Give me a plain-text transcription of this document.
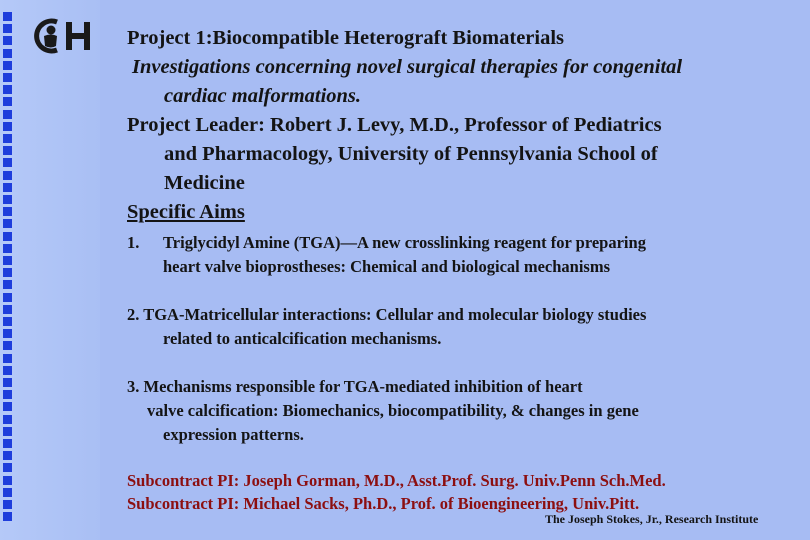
Project 1:Biocompatible Heterograft Biomaterials
Investigations concerning novel surgical therapies for congenital
cardiac malformations.
Project Leader: Robert J. Levy, M.D., Professor of Pediatrics
and Pharmacology, University of Pennsylvania School of
Medicine
Specific Aims
1. Triglycidyl Amine (TGA)—A new crosslinking reagent for preparing
heart valve bioprostheses: Chemical and biological mechanisms
2. TGA-Matricellular interactions: Cellular and molecular biology studies
related to anticalcification mechanisms.
3. Mechanisms responsible for TGA-mediated inhibition of heart
valve calcification: Biomechanics, biocompatibility, & changes in gene
expression patterns.
Subcontract PI: Joseph Gorman, M.D., Asst.Prof. Surg. Univ.Penn Sch.Med.
Subcontract PI: Michael Sacks, Ph.D., Prof. of Bioengineering, Univ.Pitt.
The Joseph Stokes, Jr., Research Institute
